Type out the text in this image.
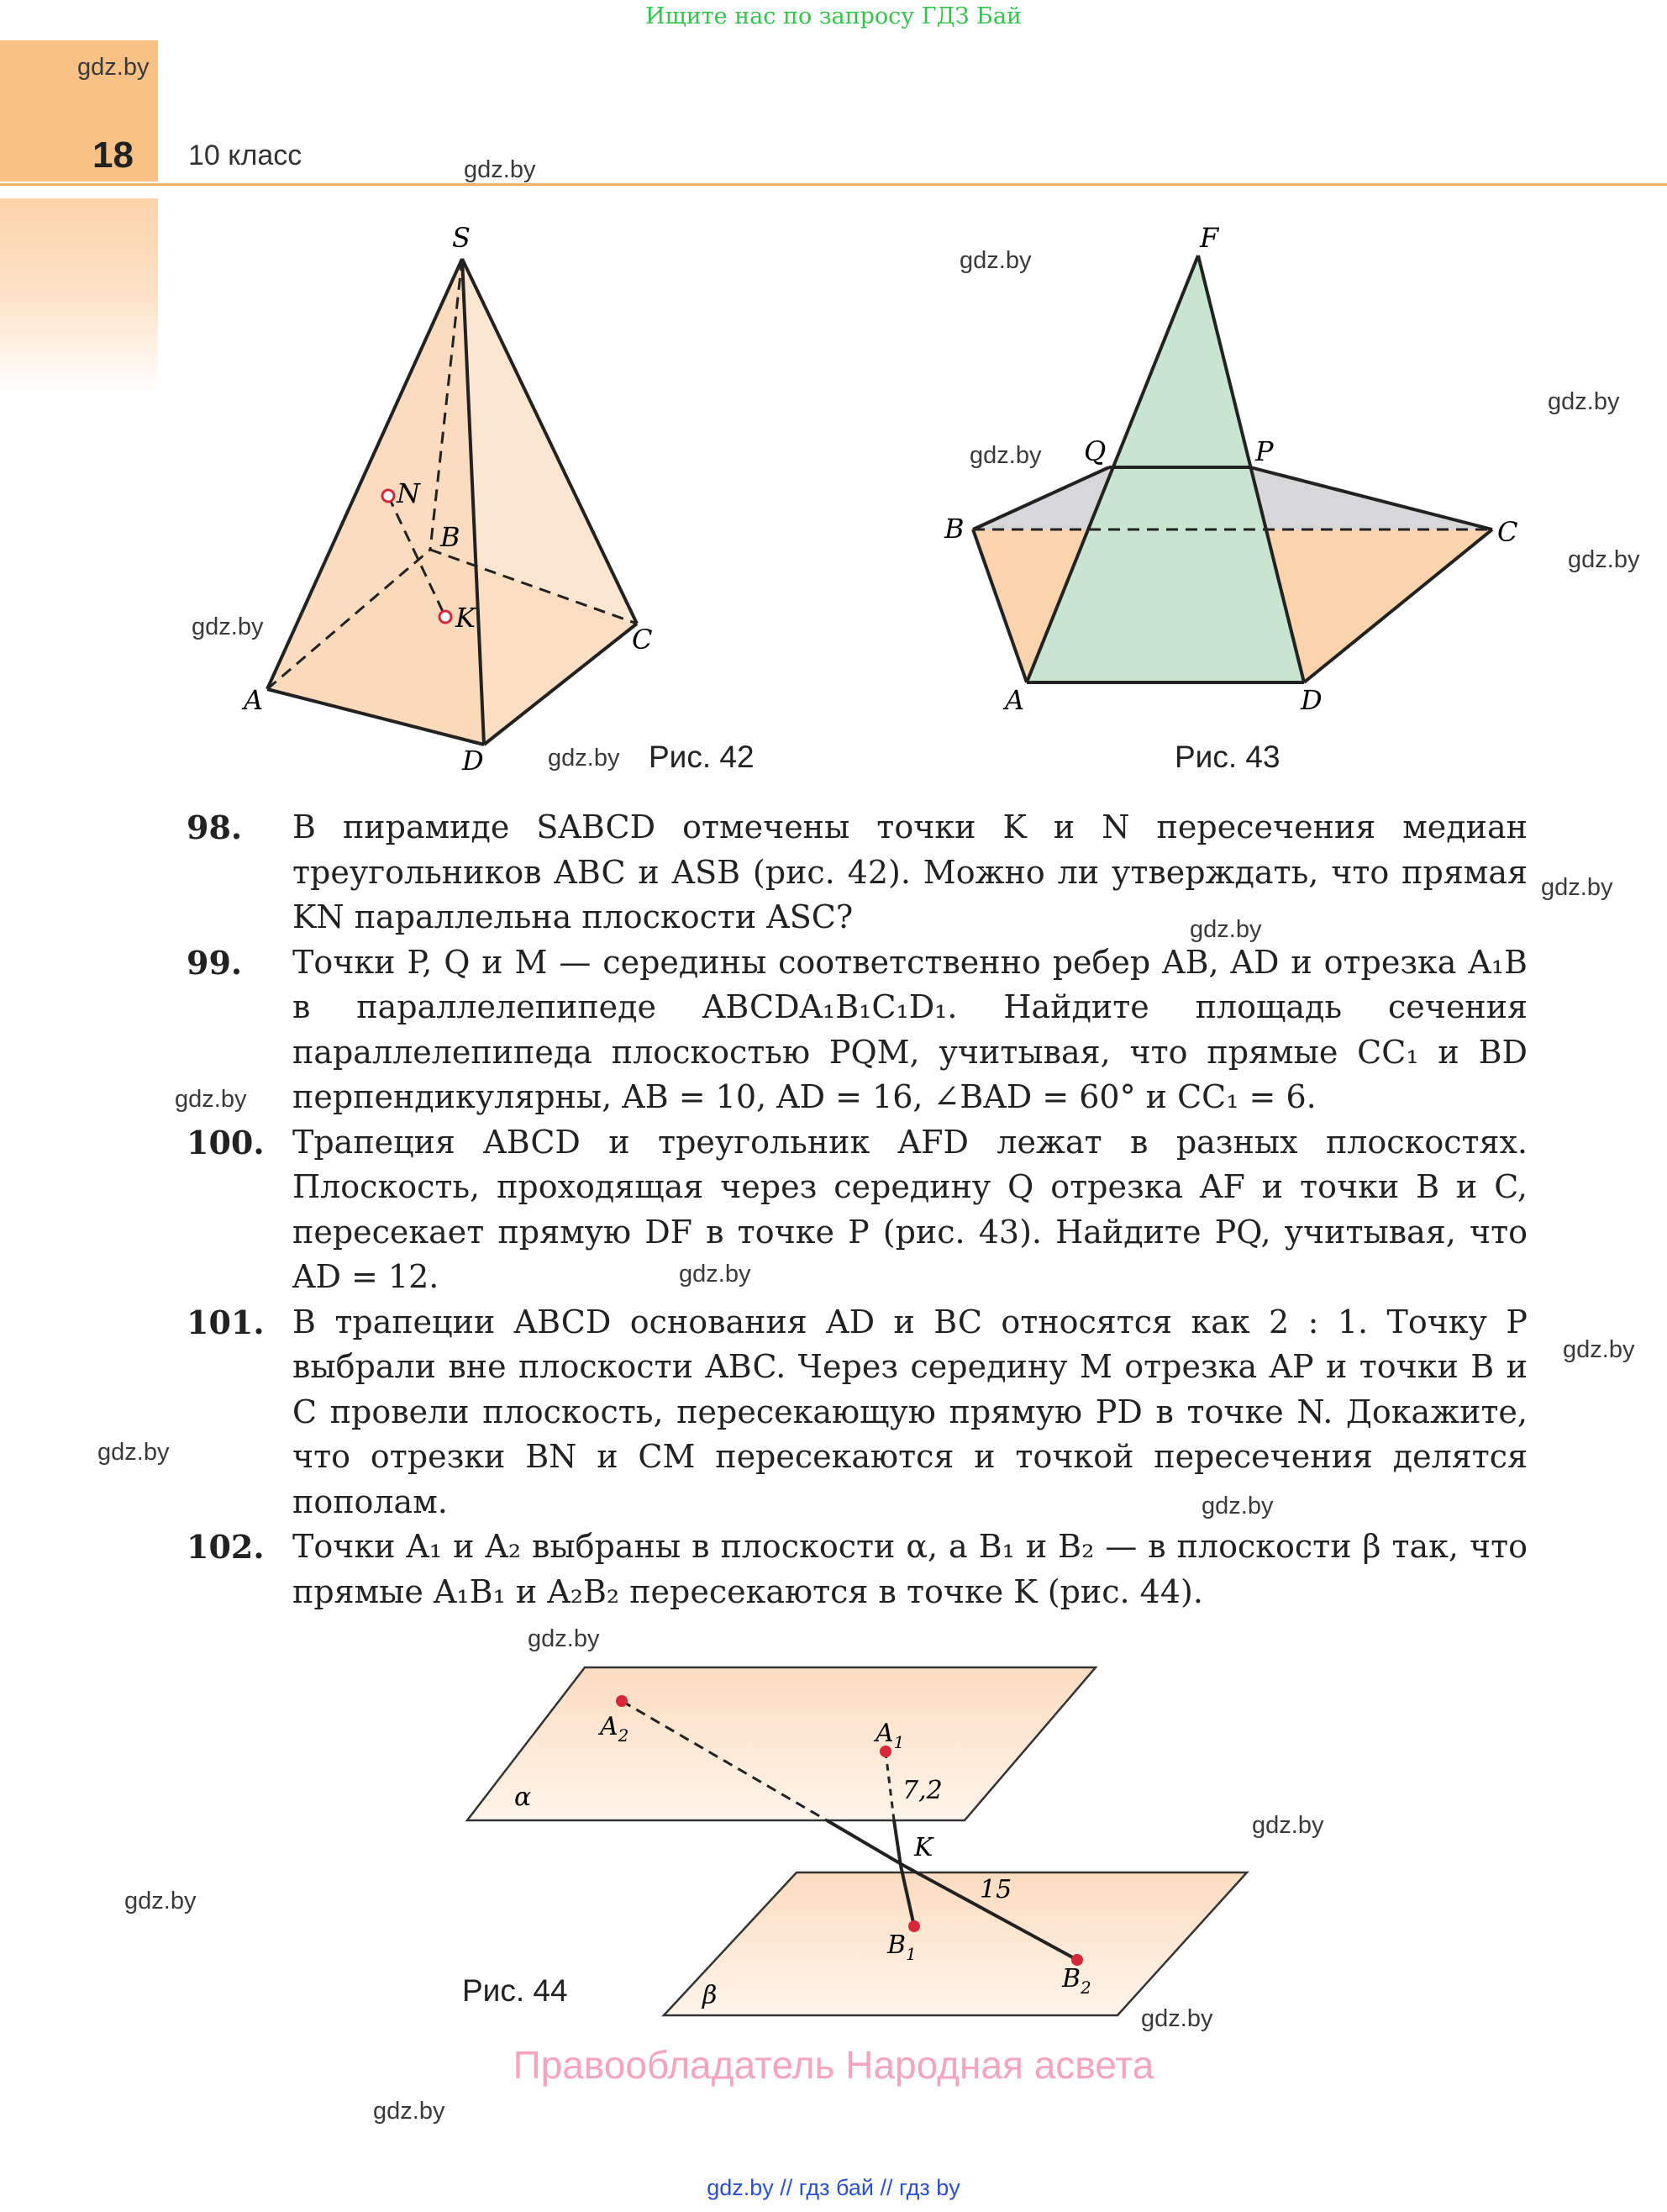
Ищите нас по запросу ГДЗ Бай
18 10 класс
gdz.by
gdz.by
gdz.by
gdz.by
gdz.by
gdz.by
gdz.by
gdz.by
gdz.by
gdz.by
gdz.by
gdz.by
gdz.by
gdz.by
gdz.by
gdz.by
gdz.by
gdz.by
gdz.by
gdz.by
S
N
B
K
C
A
D	Рис. 42
F
Q	P
B	C
A	D
Рис. 43
98.	В пирамиде SABCD отмечены точки K и N пересечения медиан треугольников ABC и ASB (рис. 42). Можно ли утверждать, что прямая KN параллельна плоскости ASC?
99.	Точки P, Q и M — середины соответственно ребер AB, AD и отрезка A₁B в параллелепипеде ABCDA₁B₁C₁D₁. Найдите площадь сечения параллелепипеда плоскостью PQM, учитывая, что прямые CC₁ и BD перпендикулярны, AB = 10, AD = 16, ∠BAD = 60° и CC₁ = 6.
100. Трапеция ABCD и треугольник AFD лежат в разных плоскостях. Плоскость, проходящая через середину Q отрезка AF и точки B и C, пересекает прямую DF в точке P (рис. 43). Найдите PQ, учитывая, что AD = 12.
101. В трапеции ABCD основания AD и BC относятся как 2 : 1. Точку P выбрали вне плоскости ABC. Через середину M отрезка AP и точки B и C провели плоскость, пересекающую прямую PD в точке N. Докажите, что отрезки BN и CM пересекаются и точкой пересечения делятся пополам.
102. Точки A₁ и A₂ выбраны в плоскости α, а B₁ и B₂ — в плоскости β так, что прямые A₁B₁ и A₂B₂ пересекаются в точке K (рис. 44).
$A_2$	$A_1$
α	7,2
K
15
$B_1$
$B_2$
β
Рис. 44
Правообладатель Народная асвета
gdz.by // гдз бай // гдз by
